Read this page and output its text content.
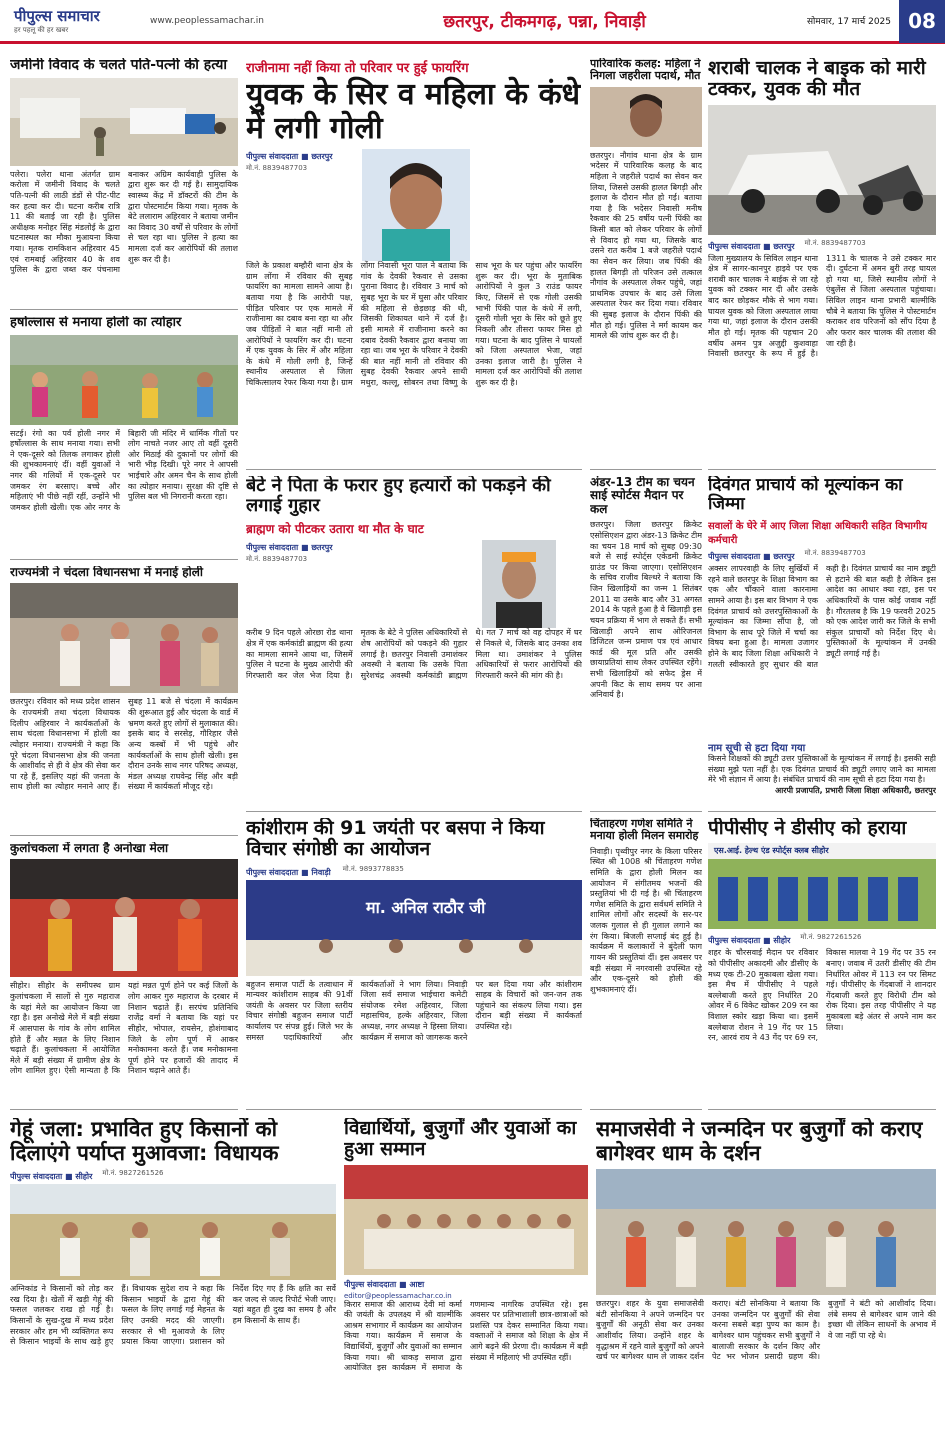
पीपुल्स समाचार
हर पहलू की हर खबर
www.peoplessamachar.in	छतरपुर, टीकमगढ़, पन्ना, निवाड़ी	सोमवार, 17 मार्च 2025 08
जमीनी विवाद के चलते पति-पत्नी की हत्या
पलेरा। पलेरा थाना अंतर्गत ग्राम करोला में जमीनी विवाद के चलते पति-पत्नी की लाठी डंडों से पीट-पीट कर हत्या कर दी। घटना करीब रात्रि 11 की बताई जा रही है। पुलिस अधीक्षक मनोहर सिंह मंडलोई के द्वारा घटनास्थल का मौका मुआयना किया गया। मृतक रामकिशन अहिरवार 45 एवं रामबाई अहिरवार 40 के शव पुलिस के द्वारा जब्त कर पंचनामा बनाकर अग्रिम कार्यवाही पुलिस के द्वारा शुरू कर दी गई है। सामुदायिक स्वास्थ्य केंद्र में डॉक्टरों की टीम के द्वारा पोस्टमार्टम किया गया। मृतक के बेटे ललाराम अहिरवार ने बताया जमीन का विवाद 30 वर्षों से परिवार के लोगों से चल रहा था। पुलिस ने हत्या का मामला दर्ज कर आरोपियों की तलाश शुरू कर दी है।
हर्षोल्लास से मनाया होली का त्योहार
सटई। रंगो का पर्व होली नगर में हर्षोल्लास के साथ मनाया गया। सभी ने एक-दूसरे को तिलक लगाकर होली की शुभकामनाएं दीं। वहीं युवाओं ने नगर की गलियों में एक-दूसरे पर जमकर रंग बरसाए। बच्चे और महिलाएं भी पीछे नहीं रहीं, उन्होंने भी जमकर होली खेली। एक ओर नगर के बिहारी जी मंदिर में धार्मिक गीतों पर लोग नाचते नजर आए तो वहीं दूसरी ओर मिठाई की दुकानों पर लोगों की भारी भीड़ दिखी। पूरे नगर ने आपसी भाईचारे और अमन चैन के साथ होली का त्योहार मनाया। सुरक्षा की दृष्टि से पुलिस बल भी निगरानी करता रहा।
राज्यमंत्री ने चंदला विधानसभा में मनाई होली
छतरपुर। रविवार को मध्य प्रदेश शासन के राज्यमंत्री तथा चंदला विधायक दिलीप अहिरवार ने कार्यकर्ताओं के साथ चंदला विधानसभा में होली का त्योहार मनाया। राज्यमंत्री ने कहा कि पूरे चंदला विधानसभा क्षेत्र की जनता के आशीर्वाद से ही वे क्षेत्र की सेवा कर पा रहे हैं, इसलिए यहां की जनता के साथ होली का त्योहार मनाने आए हैं। सुबह 11 बजे से चंदला में कार्यक्रम की शुरूआत हुई और चंदला के वार्ड में भ्रमण करते हुए लोगों से मुलाकात की। इसके बाद वे सरसेड़, गौरिहार जैसे अन्य कस्बों में भी पहुंचे और कार्यकर्ताओं के साथ होली खेली। इस दौरान उनके साथ नगर परिषद अध्यक्ष, मंडल अध्यक्ष राघवेन्द्र सिंह और बड़ी संख्या में कार्यकर्ता मौजूद रहे।
कुलांचकला में लगता है अनोखा मेला
सीहोर। सीहोर के समीपस्थ ग्राम कुलांचकला में सालों से गुरु महाराज के यहां मेले का आयोजन किया जा रहा है। इस अनोखे मेले में बड़ी संख्या में आसपास के गांव के लोग शामिल होते हैं और मन्नत के लिए निशान चढ़ाते हैं। कुलांचकला में आयोजित मेले में बड़ी संख्या में ग्रामीण क्षेत्र के लोग शामिल हुए। ऐसी मान्यता है कि यहां मन्नत पूर्ण होने पर कई जिलों के लोग आकर गुरु महाराज के दरबार में निशान चढ़ाते हैं। सरपंच प्रतिनिधि राजेंद्र वर्मा ने बताया कि यहां पर सीहोर, भोपाल, रायसेन, होशंगाबाद जिले के लोग पूर्ण में आकर मनोकामना करते हैं। जब मनोकामना पूर्ण होने पर हजारों की तादाद में निशान चढ़ाने आते हैं।
राजीनामा नहीं किया तो परिवार पर हुई फायरिंग
युवक के सिर व महिला के कंधे में लगी गोली
पीपुल्स संवाददाता ■ छतरपुर
मो.नं. 8839487703
जिले के प्रकाश बम्हौरी थाना क्षेत्र के ग्राम लोंगा में रविवार की सुबह फायरिंग का मामला सामने आया है। बताया गया है कि आरोपी पक्ष, पीड़ित परिवार पर एक मामले में राजीनामा का दबाव बना रहा था और जब पीड़ितों ने बात नहीं मानी तो आरोपियों ने फायरिंग कर दी। घटना में एक युवक के सिर में और महिला के कंधे में गोली लगी है, जिन्हें स्थानीय अस्पताल से जिला चिकित्सालय रेफर किया गया है। ग्राम लोंगा निवासी भूरा पाल ने बताया कि गांव के देवकी रैकवार से उसका पुराना विवाद है। रविवार 3 मार्च को सुबह भूरा के घर में घुसा और परिवार की महिला से छेड़छाड़ की थी, जिसकी शिकायत थाने में दर्ज है। इसी मामले में राजीनामा करने का दबाव देवकी रैकवार द्वारा बनाया जा रहा था। जब भूरा के परिवार ने देवकी की बात नहीं मानी तो रविवार की सुबह देवकी रैकवार अपने साथी मथुरा, कल्लू, सोबरन तथा विष्णु के साथ भूरा के घर पहुंचा और फायरिंग शुरू कर दी। भूरा के मुताबिक आरोपियों ने कुल 3 राउंड फायर किए, जिसमें से एक गोली उसकी भाभी पिंकी पाल के कंधे में लगी, दूसरी गोली भूरा के सिर को छूते हुए निकली और तीसरा फायर मिस हो गया। घटना के बाद पुलिस ने घायलों को जिला अस्पताल भेजा, जहां उनका इलाज जारी है। पुलिस ने मामला दर्ज कर आरोपियों की तलाश शुरू कर दी है।
बेटे ने पिता के फरार हुए हत्यारों को पकड़ने की लगाई गुहार
ब्राह्मण को पीटकर उतारा था मौत के घाट
पीपुल्स संवाददाता ■ छतरपुर
मो.नं. 8839487703
करीब 9 दिन पहले ओरछा रोड थाना क्षेत्र में एक कर्मकांडी ब्राह्मण की हत्या का मामला सामने आया था, जिसमें पुलिस ने घटना के मुख्य आरोपी की गिरफ्तारी कर जेल भेज दिया है। मृतक के बेटे ने पुलिस अधिकारियों से शेष आरोपियों को पकड़ने की गुहार लगाई है। छतरपुर निवासी उमाशंकर अवस्थी ने बताया कि उसके पिता सुरेशचंद्र अवस्थी कर्मकांडी ब्राह्मण थे। गत 7 मार्च को वह दोपहर में घर से निकले थे, जिसके बाद उनका शव मिला था। उमाशंकर ने पुलिस अधिकारियों से फरार आरोपियों की गिरफ्तारी करने की मांग की है।
कांशीराम की 91 जयंती पर बसपा ने किया विचार संगोष्ठी का आयोजन
पीपुल्स संवाददाता ■ निवाड़ी मो.नं. 9893778835
मा. अनिल राठौर जी
बहुजन समाज पार्टी के तत्वाधान में मान्यवर कांशीराम साहब की 91वीं जयंती के अवसर पर जिला स्तरीय विचार संगोष्ठी बहुजन समाज पार्टी कार्यालय पर संपन्न हुई। जिले भर के समस्त पदाधिकारियों और कार्यकर्ताओं ने भाग लिया। निवाड़ी जिला सर्व समाज भाईचारा कमेटी संयोजक रमेश अहिरवार, जिला महासचिव, हल्के अहिरवार, जिला अध्यक्ष, नगर अध्यक्ष ने हिस्सा लिया। कार्यक्रम में समाज को जागरूक करने पर बल दिया गया और कांशीराम साहब के विचारों को जन-जन तक पहुंचाने का संकल्प लिया गया। इस दौरान बड़ी संख्या में कार्यकर्ता उपस्थित रहे।
पारिवारिक कलह: महिला ने निगला जहरीला पदार्थ, मौत
छतरपुर। नौगांव थाना क्षेत्र के ग्राम भदेसर में पारिवारिक कलह के बाद महिला ने जहरीले पदार्थ का सेवन कर लिया, जिससे उसकी हालत बिगड़ी और इलाज के दौरान मौत हो गई। बताया गया है कि भदेसर निवासी मनीष रैकवार की 25 वर्षीय पत्नी पिंकी का किसी बात को लेकर परिवार के लोगों से विवाद हो गया था, जिसके बाद उसने रात करीब 1 बजे जहरीले पदार्थ का सेवन कर लिया। जब पिंकी की हालत बिगड़ी तो परिजन उसे तत्काल नौगांव के अस्पताल लेकर पहुंचे, जहां प्राथमिक उपचार के बाद उसे जिला अस्पताल रेफर कर दिया गया। रविवार की सुबह इलाज के दौरान पिंकी की मौत हो गई। पुलिस ने मर्ग कायम कर मामले की जांच शुरू कर दी है।
अंडर-13 टीम का चयन साई स्पोर्टस मैदान पर कल
छतरपुर। जिला छतरपुर क्रिकेट एसोसिएशन द्वारा अंडर-13 क्रिकेट टीम का चयन 18 मार्च को सुबह 09:30 बजे से साई स्पोर्ट्स एकेडमी क्रिकेट ग्राउंड पर किया जाएगा। एसोसिएशन के सचिव राजीव बिल्थरे ने बताया कि जिन खिलाड़ियों का जन्म 1 सितंबर 2011 या उसके बाद और 31 अगस्त 2014 के पहले हुआ है वे खिलाड़ी इस चयन प्रक्रिया में भाग ले सकते हैं। सभी खिलाड़ी अपने साथ ओरिजनल डिजिटल जन्म प्रमाण पत्र एवं आधार कार्ड की मूल प्रति और उसकी छायाप्रतियां साथ लेकर उपस्थित रहेंगे। सभी खिलाड़ियों को सफेद ड्रेस में अपनी किट के साथ समय पर आना अनिवार्य है।
चिंताहरण गणेश समिति ने मनाया होली मिलन समारोह
निवाड़ी। पृथ्वीपुर नगर के किला परिसर स्थित श्री 1008 श्री चिंताहरण गणेश समिति के द्वारा होली मिलन का आयोजन में संगीतमय भजनों की प्रस्तुतियां भी दी गई है। श्री चिंताहरण गणेश समिति के द्वारा सर्वधर्म समिति ने शामिल लोगों और सदस्यों के सर-पर जलक गुलाल से ही गुलाल लगाने का रंग किया। बिजली सप्लाई बंद हुई है। कार्यक्रम में कलाकारों ने बुंदेली फाग गायन की प्रस्तुतियां दीं। इस अवसर पर बड़ी संख्या में नगरवासी उपस्थित रहे और एक-दूसरे को होली की शुभकामनाएं दीं।
शराबी चालक ने बाइक को मारी टक्कर, युवक की मौत
पीपुल्स संवाददाता ■ छतरपुर मो.नं. 8839487703
जिला मुख्यालय के सिविल लाइन थाना क्षेत्र में सागर-कानपुर हाइवे पर एक शराबी कार चालक ने बाईक से जा रहे युवक को टक्कर मार दी और उसके बाद कार छोड़कर मौके से भाग गया। घायल युवक को जिला अस्पताल लाया गया था, जहां इलाज के दौरान उसकी मौत हो गई। मृतक की पहचान 20 वर्षीय अमन पुत्र अजुद्दी कुशवाहा निवासी छतरपुर के रूप में हुई है। 1311 के चालक ने उसे टक्कर मार दी। दुर्घटना में अमन बुरी तरह घायल हो गया था, जिसे स्थानीय लोगों ने एंबुलेंस से जिला अस्पताल पहुंचाया। सिविल लाइन थाना प्रभारी बाल्मीकि चौबे ने बताया कि पुलिस ने पोस्टमार्टम कराकर शव परिजनों को सौंप दिया है और फरार कार चालक की तलाश की जा रही है।
दिवंगत प्राचार्य को मूल्यांकन का जिम्मा
सवालों के घेरे में आए जिला शिक्षा अधिकारी सहित विभागीय कर्मचारी
पीपुल्स संवाददाता ■ छतरपुर मो.नं. 8839487703
अक्सर लापरवाही के लिए सुर्खियों में रहने वाले छतरपुर के शिक्षा विभाग का एक और चौंकाने वाला कारनामा सामने आया है। इस बार विभाग ने एक दिवंगत प्राचार्य को उत्तरपुस्तिकाओं के मूल्यांकन का जिम्मा सौंपा है, जो विभाग के साथ पूरे जिले में चर्चा का विषय बना हुआ है। मामला उजागर होने के बाद जिला शिक्षा अधिकारी ने गलती स्वीकारते हुए सुधार की बात कही है। दिवंगत प्राचार्य का नाम ड्यूटी से हटाने की बात कही है लेकिन इस आदेश का आधार क्या रहा, इस पर अधिकारियों के पास कोई जवाब नहीं है। गौरतलब है कि 19 फरवरी 2025 को एक आदेश जारी कर जिले के सभी संकुल प्राचार्यों को निर्देश दिए थे। पुस्तिकाओं के मूल्यांकन में उनकी ड्यूटी लगाई गई है।
नाम सूची से हटा दिया गया
किसने शिक्षकों की ड्यूटी उत्तर पुस्तिकाओं के मूल्यांकन में लगाई है। इसकी सही संख्या मुझे पता नहीं है। एक दिवंगत प्राचार्य की ड्यूटी लगाए जाने का मामला मेरे भी संज्ञान में आया है। संबंधित प्राचार्य की नाम सूची से हटा दिया गया है।
आरपी प्रजापति, प्रभारी जिला शिक्षा अधिकारी, छतरपुर
पीपीसीए ने डीसीए को हराया
एस.आई. हेल्थ एंड स्पोर्ट्स क्लब सीहोर
पीपुल्स संवाददाता ■ सीहोर मो.नं. 9827261526
शहर के चौरसवाई मैदान पर रविवार को पीपीसीए अकादमी और डीसीए के मध्य एक टी-20 मुकाबला खेला गया। इस मैच में पीपीसीए ने पहले बल्लेबाजी करते हुए निर्धारित 20 ओवर में 6 विकेट खोकर 209 रन का विशाल स्कोर खड़ा किया था। इसमें बल्लेबाज रोशन ने 19 गेंद पर 15 रन, आरवं राय ने 43 गेंद पर 69 रन, विकास मालवा ने 19 गेंद पर 35 रन बनाए। जवाब में उतरी डीसीए की टीम निर्धारित ओवर में 113 रन पर सिमट गई। पीपीसीए के गेंदबाजों ने शानदार गेंदबाजी करते हुए विरोधी टीम को रोक दिया। इस तरह पीपीसीए ने यह मुकाबला बड़े अंतर से अपने नाम कर लिया।
गेहूं जला: प्रभावित हुए किसानों को दिलाएंगे पर्याप्त मुआवजा: विधायक
पीपुल्स संवाददाता ■ सीहोर मो.नं. 9827261526
अग्निकांड ने किसानों को तोड़ कर रख दिया है। खेतों में खड़ी गेहूं की फसल जलकर राख हो गई है। किसानों के सुख-दुख में मध्य प्रदेश सरकार और हम भी व्यक्तिगत रूप से किसान भाइयों के साथ खड़े हुए हैं। विधायक सुदेश राय ने कहा कि किसान भाइयों के द्वारा गेहूं की फसल के लिए लगाई गई मेहनत के लिए उनकी मदद की जाएगी। सरकार से भी मुआवजे के लिए प्रयास किया जाएगा। प्रशासन को निर्देश दिए गए हैं कि क्षति का सर्वे कर जल्द से जल्द रिपोर्ट भेजी जाए। यहां बहुत ही दुख का समय है और हम किसानों के साथ हैं।
विद्यार्थियों, बुजुर्गों और युवाओं का हुआ सम्मान
पीपुल्स संवाददाता ■ आष्टा
editor@peoplessamachar.co.in
किरार समाज की आराध्य देवी मां कर्मा की जयंती के उपलक्ष्य में श्री वाल्मीकि आश्रम सभागार में कार्यक्रम का आयोजन किया गया। कार्यक्रम में समाज के विद्यार्थियों, बुजुर्गों और युवाओं का सम्मान किया गया। श्री धाकड़ समाज द्वारा आयोजित इस कार्यक्रम में समाज के गणमान्य नागरिक उपस्थित रहे। इस अवसर पर प्रतिभाशाली छात्र-छात्राओं को प्रशस्ति पत्र देकर सम्मानित किया गया। वक्ताओं ने समाज को शिक्षा के क्षेत्र में आगे बढ़ने की प्रेरणा दी। कार्यक्रम में बड़ी संख्या में महिलाएं भी उपस्थित रहीं।
समाजसेवी ने जन्मदिन पर बुजुर्गों को कराए बागेश्वर धाम के दर्शन
छतरपुर। शहर के युवा समाजसेवी बंटी सोनकिया ने अपने जन्मदिन पर बुजुर्गों की अनूठी सेवा कर उनका आशीर्वाद लिया। उन्होंने शहर के वृद्धाश्रम में रहने वाले बुजुर्गों को अपने खर्च पर बागेश्वर धाम ले जाकर दर्शन कराए। बंटी सोनकिया ने बताया कि उनका जन्मदिन पर बुजुर्गों की सेवा करना सबसे बड़ा पुण्य का काम है। बागेश्वर धाम पहुंचकर सभी बुजुर्गों ने बालाजी सरकार के दर्शन किए और पेट भर भोजन प्रसादी ग्रहण की। बुजुर्गों ने बंटी को आशीर्वाद दिया। लंबे समय से बागेश्वर धाम जाने की इच्छा थी लेकिन साधनों के अभाव में वे जा नहीं पा रहे थे।
